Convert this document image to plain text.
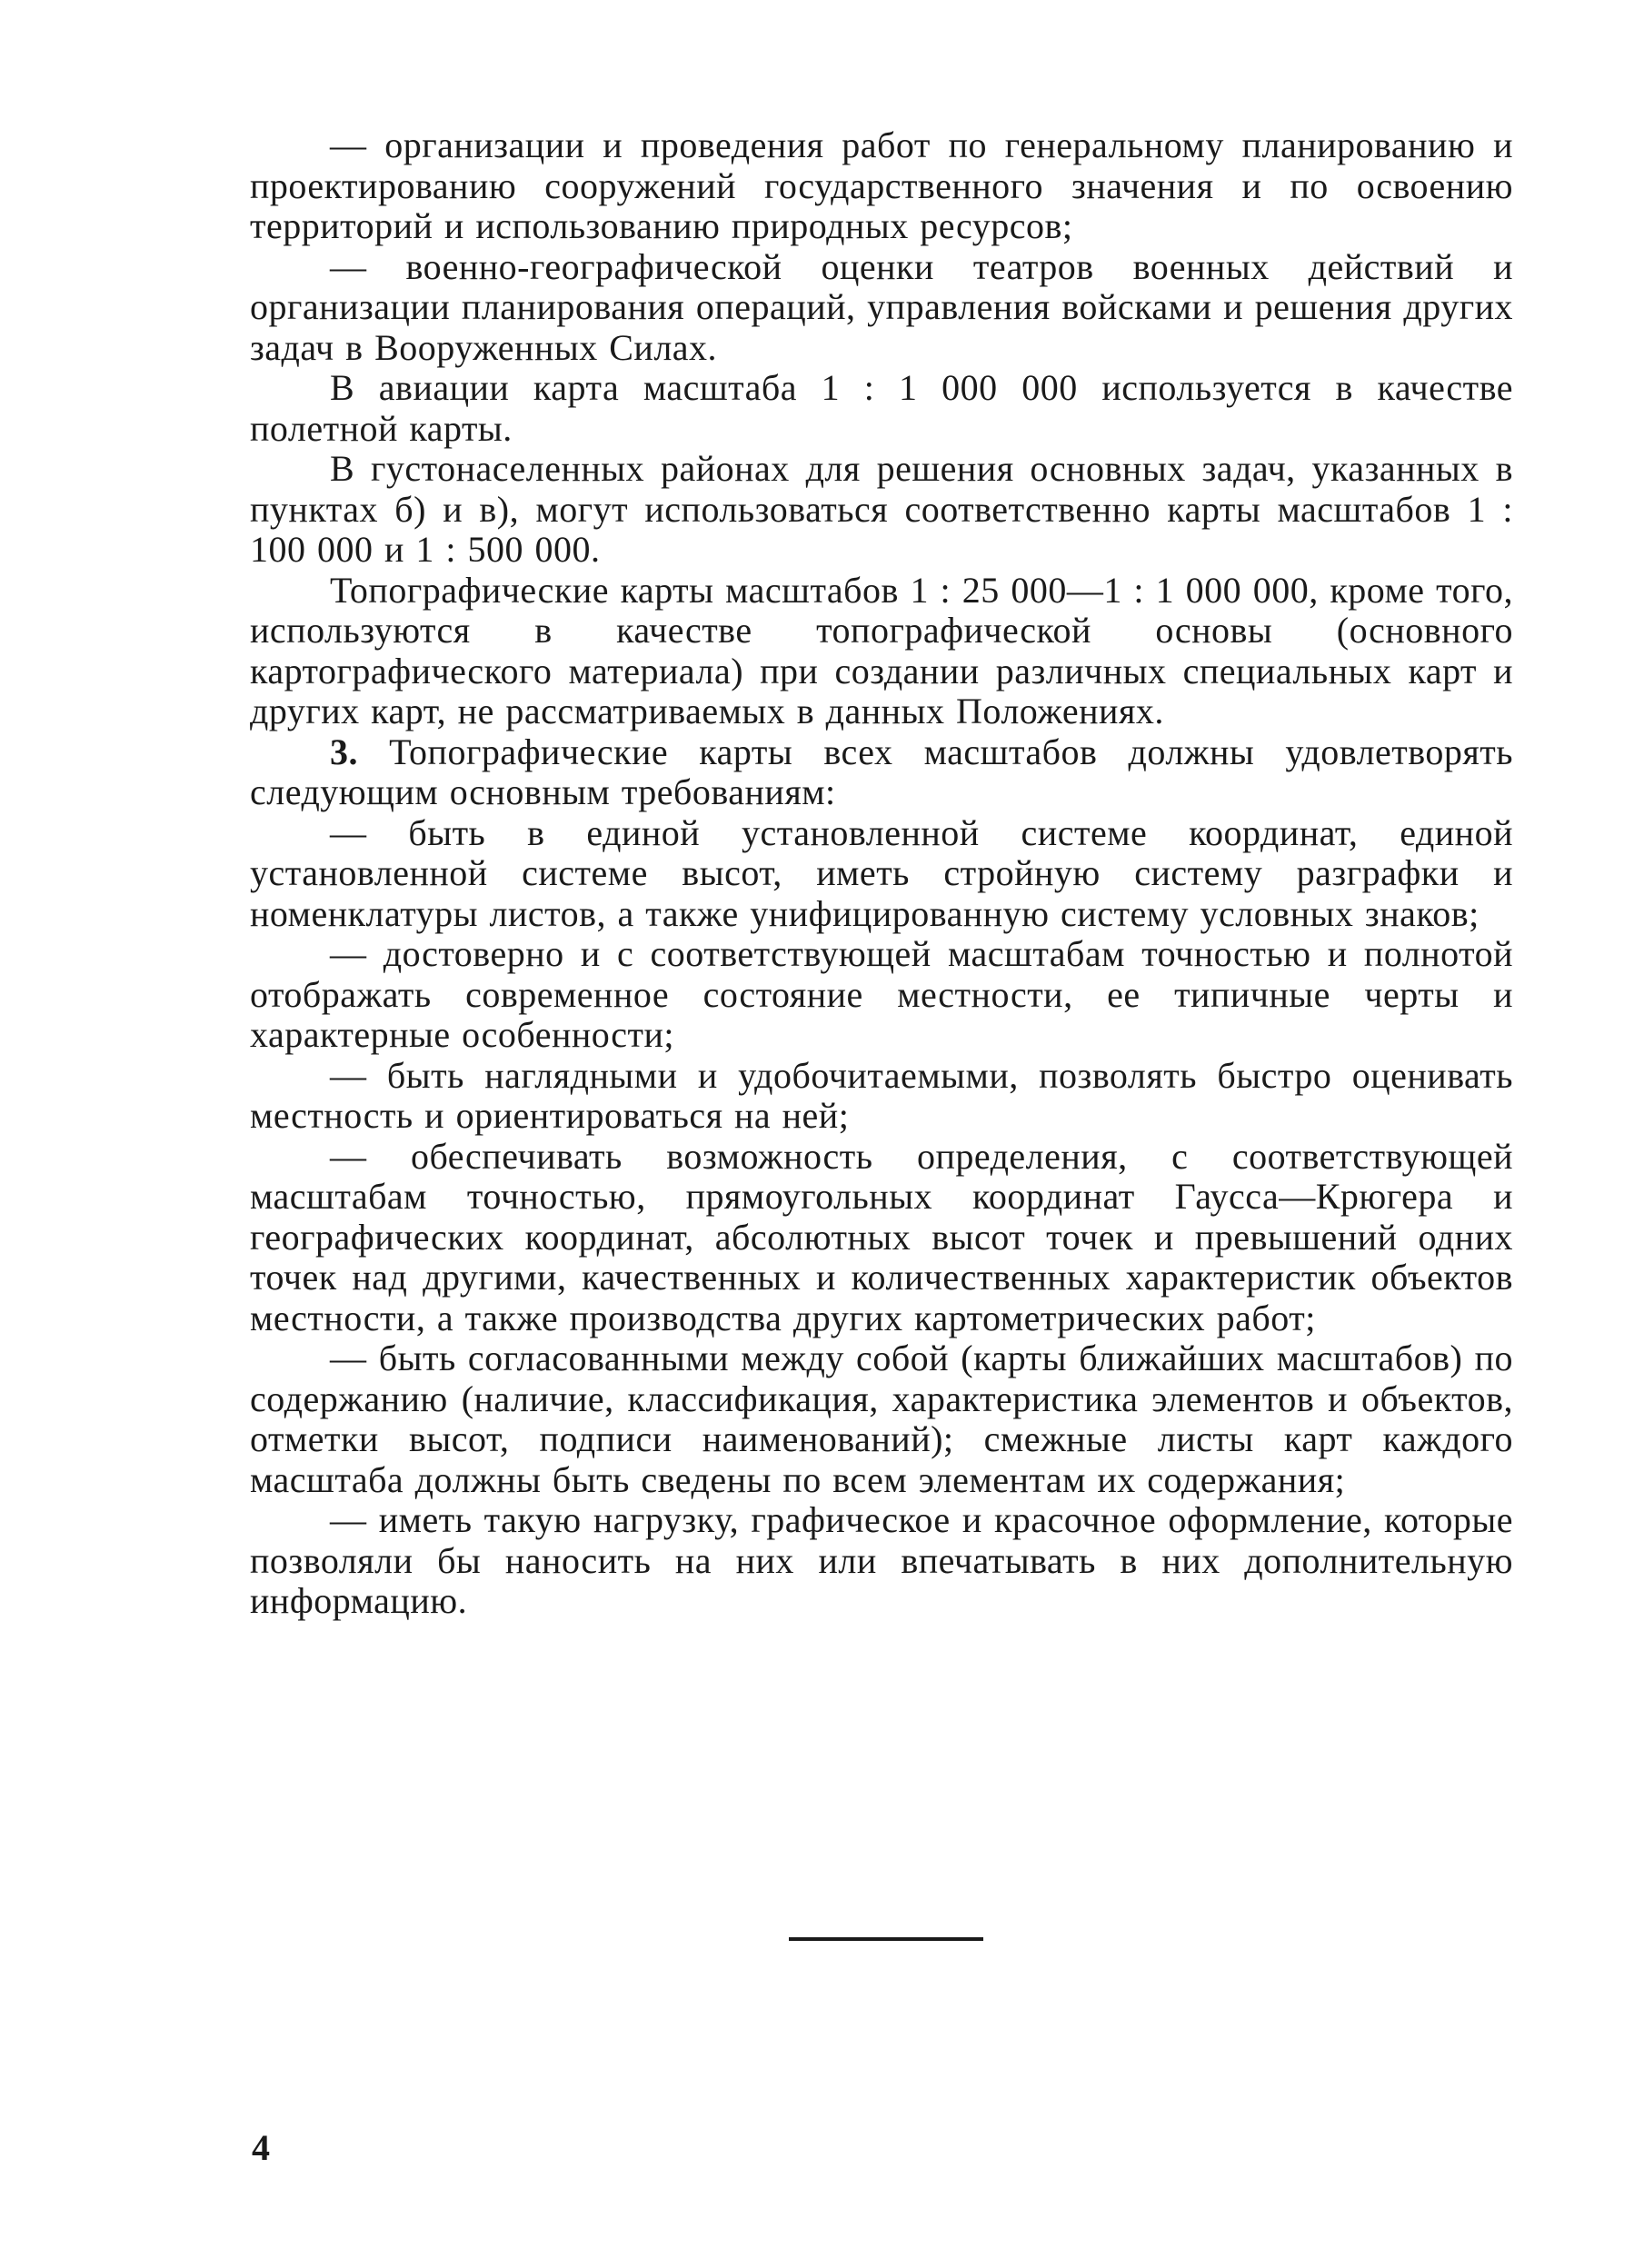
— организации и проведения работ по генеральному планированию и проектированию сооружений государственного значения и по освоению территорий и использованию природных ресурсов;

— военно-географической оценки театров военных действий и организации планирования операций, управления войсками и решения других задач в Вооруженных Силах.

В авиации карта масштаба 1 : 1 000 000 используется в качестве полетной карты.

В густонаселенных районах для решения основных задач, указанных в пунктах б) и в), могут использоваться соответственно карты масштабов 1 : 100 000 и 1 : 500 000.

Топографические карты масштабов 1 : 25 000—1 : 1 000 000, кроме того, используются в качестве топографической основы (основного картографического материала) при создании различных специальных карт и других карт, не рассматриваемых в данных Положениях.

3. Топографические карты всех масштабов должны удовлетворять следующим основным требованиям:

— быть в единой установленной системе координат, единой установленной системе высот, иметь стройную систему разграфки и номенклатуры листов, а также унифицированную систему условных знаков;

— достоверно и с соответствующей масштабам точностью и полнотой отображать современное состояние местности, ее типичные черты и характерные особенности;

— быть наглядными и удобочитаемыми, позволять быстро оценивать местность и ориентироваться на ней;

— обеспечивать возможность определения, с соответствующей масштабам точностью, прямоугольных координат Гаусса—Крюгера и географических координат, абсолютных высот точек и превышений одних точек над другими, качественных и количественных характеристик объектов местности, а также производства других картометрических работ;

— быть согласованными между собой (карты ближайших масштабов) по содержанию (наличие, классификация, характеристика элементов и объектов, отметки высот, подписи наименований); смежные листы карт каждого масштаба должны быть сведены по всем элементам их содержания;

— иметь такую нагрузку, графическое и красочное оформление, которые позволяли бы наносить на них или впечатывать в них дополнительную информацию.

4
